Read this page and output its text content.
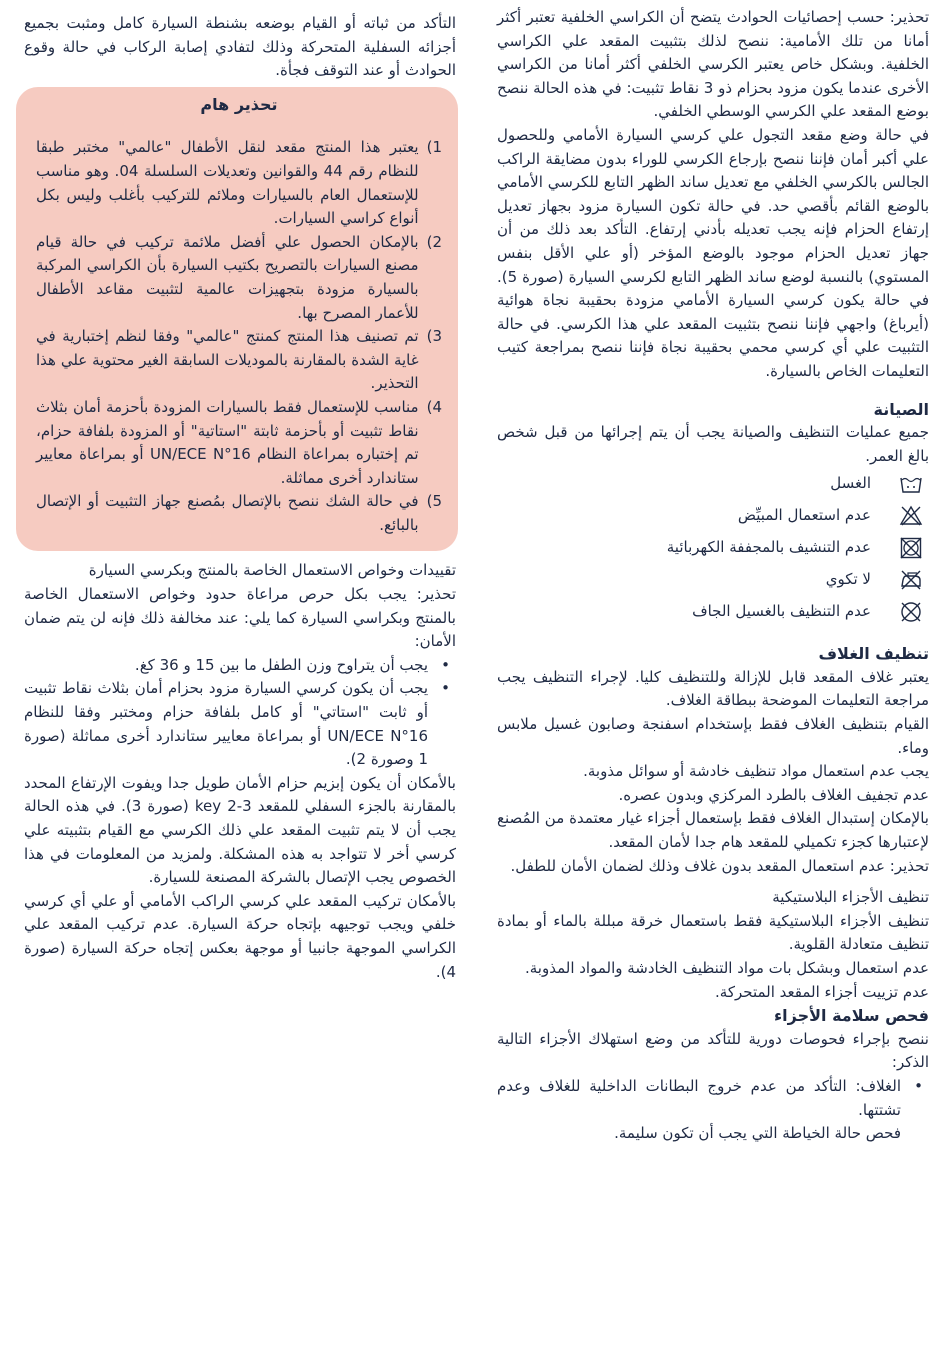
التأكد من ثباته أو القيام بوضعه بشنطة السيارة كامل ومثبت بجميع أجزائه السفلية المتحركة وذلك لتفادي إصابة الركاب في حالة وقوع الحوادث أو عند التوقف فجأة.

تحذير هام
1)
يعتبر هذا المنتج مقعد لنقل الأطفال "عالمي" مختبر طبقا للنظام رقم 44 والقوانين وتعديلات السلسلة 04. وهو مناسب للإستعمال العام بالسيارات وملائم للتركيب بأغلب وليس بكل أنواع كراسي السيارات.
2)
بالإمكان الحصول علي أفضل ملائمة تركيب في حالة قيام مصنع السيارات بالتصريح بكتيب السيارة بأن الكراسي المركبة بالسيارة مزودة بتجهيزات عالمية لتثبيت مقاعد الأطفال للأعمار المصرح بها.
3)
تم تصنيف هذا المنتج كمنتج "عالمي" وفقا لنظم إختبارية في غاية الشدة بالمقارنة بالموديلات السابقة الغير محتوية علي هذا التحذير.
4)
مناسب للإستعمال فقط بالسيارات المزودة بأحزمة أمان بثلاث نقاط تثبيت أو بأحزمة ثابتة "استاتية" أو المزودة بلفافة حزام، تم إختباره بمراعاة النظام UN/ECE N°16 أو بمراعاة معايير ستاندارد أخرى مماثلة.
5)
في حالة الشك ننصح بالإتصال بمُصنع جهاز التثبيت أو الإتصال بالبائع.

تقييدات وخواص الاستعمال الخاصة بالمنتج وبكرسي السيارة

تحذير: يجب بكل حرص مراعاة حدود وخواص الاستعمال الخاصة بالمنتج وبكراسي السيارة كما يلي: عند مخالفة ذلك فإنه لن يتم ضمان الأمان:

• يجب أن يتراوح وزن الطفل ما بين 15 و 36 كغ.
• يجب أن يكون كرسي السيارة مزود بحزام أمان بثلاث نقاط تثبيت أو ثابت "استاتي" أو كامل بلفافة حزام ومختبر وفقا للنظام UN/ECE N°16 أو بمراعاة معايير ستاندارد أخرى مماثلة (صورة 1 وصورة 2).

بالأمكان أن يكون إبزيم حزام الأمان طويل جدا ويفوت الإرتفاع المحدد بالمقارنة بالجزء السفلي للمقعد 3-2 key (صورة 3). في هذه الحالة يجب أن لا يتم تثبيت المقعد علي ذلك الكرسي مع القيام بتثبيته علي كرسي أخر لا تتواجد به هذه المشكلة. ولمزيد من المعلومات في هذا الخصوص يجب الإتصال بالشركة المصنعة للسيارة.

بالأمكان تركيب المقعد علي كرسي الراكب الأمامي أو علي أي كرسي خلفي ويجب توجيهه بإتجاه حركة السيارة. عدم تركيب المقعد علي الكراسي الموجهة جانبيا أو موجهة بعكس إتجاه حركة السيارة (صورة 4).

تحذير: حسب إحصائيات الحوادث يتضح أن الكراسي الخلفية تعتبر أكثر أمانا من تلك الأمامية: ننصح لذلك بتثبيت المقعد علي الكراسي الخلفية. وبشكل خاص يعتبر الكرسي الخلفي أكثر أمانا من الكراسي الأخرى عندما يكون مزود بحزام ذو 3 نقاط تثبيت: في هذه الحالة ننصح بوضع المقعد علي الكرسي الوسطي الخلفي.

في حالة وضع مقعد التجول علي كرسي السيارة الأمامي وللحصول علي أكبر أمان فإننا ننصح بإرجاع الكرسي للوراء بدون مضايقة الراكب الجالس بالكرسي الخلفي مع تعديل ساند الظهر التابع للكرسي الأمامي بالوضع القائم بأقصي حد. في حالة تكون السيارة مزود بجهاز تعديل إرتفاع الحزام فإنه يجب تعديله بأدني إرتفاع. التأكد بعد ذلك من أن جهاز تعديل الحزام موجود بالوضع المؤخر (أو علي الأقل بنفس المستوي) بالنسبة لوضع ساند الظهر التابع لكرسي السيارة (صورة 5). في حالة يكون كرسي السيارة الأمامي مزودة بحقيبة نجاة هوائية (أيرباغ) واجهي فإننا ننصح بتثبيت المقعد علي هذا الكرسي. في حالة التثبيت علي أي كرسي محمي بحقيبة نجاة فإننا ننصح بمراجعة كتيب التعليمات الخاص بالسيارة.

الصيانة

جميع عمليات التنظيف والصيانة يجب أن يتم إجرائها من قبل شخص بالغ العمر.

الغسل
عدم استعمال المبيِّض
عدم التنشيف بالمجففة الكهربائية
لا تكوي
عدم التنظيف بالغسيل الجاف

تنظيف الغلاف

يعتبر غلاف المقعد قابل للإزالة وللتنظيف كليا. لإجراء التنظيف يجب مراجعة التعليمات الموضحة ببطاقة الغلاف.

القيام بتنظيف الغلاف فقط بإستخدام اسفنجة وصابون غسيل ملابس وماء.

يجب عدم استعمال مواد تنظيف خادشة أو سوائل مذوبة.

عدم تجفيف الغلاف بالطرد المركزي وبدون عصره.

بالإمكان إستبدال الغلاف فقط بإستعمال أجزاء غيار معتمدة من المُصنع لإعتبارها كجزء تكميلي للمقعد هام جدا لأمان المقعد.

تحذير: عدم استعمال المقعد بدون غلاف وذلك لضمان الأمان للطفل.

تنظيف الأجزاء البلاستيكية

تنظيف الأجزاء البلاستيكية فقط باستعمال خرقة مبللة بالماء أو بمادة تنظيف متعادلة القلوية.

عدم استعمال وبشكل بات مواد التنظيف الخادشة والمواد المذوبة.

عدم تزييت أجزاء المقعد المتحركة.

فحص سلامة الأجزاء

ننصح بإجراء فحوصات دورية للتأكد من وضع استهلاك الأجزاء التالية الذكر:

• الغلاف: التأكد من عدم خروج البطانات الداخلية للغلاف وعدم تشتتها.

فحص حالة الخياطة التي يجب أن تكون سليمة.
